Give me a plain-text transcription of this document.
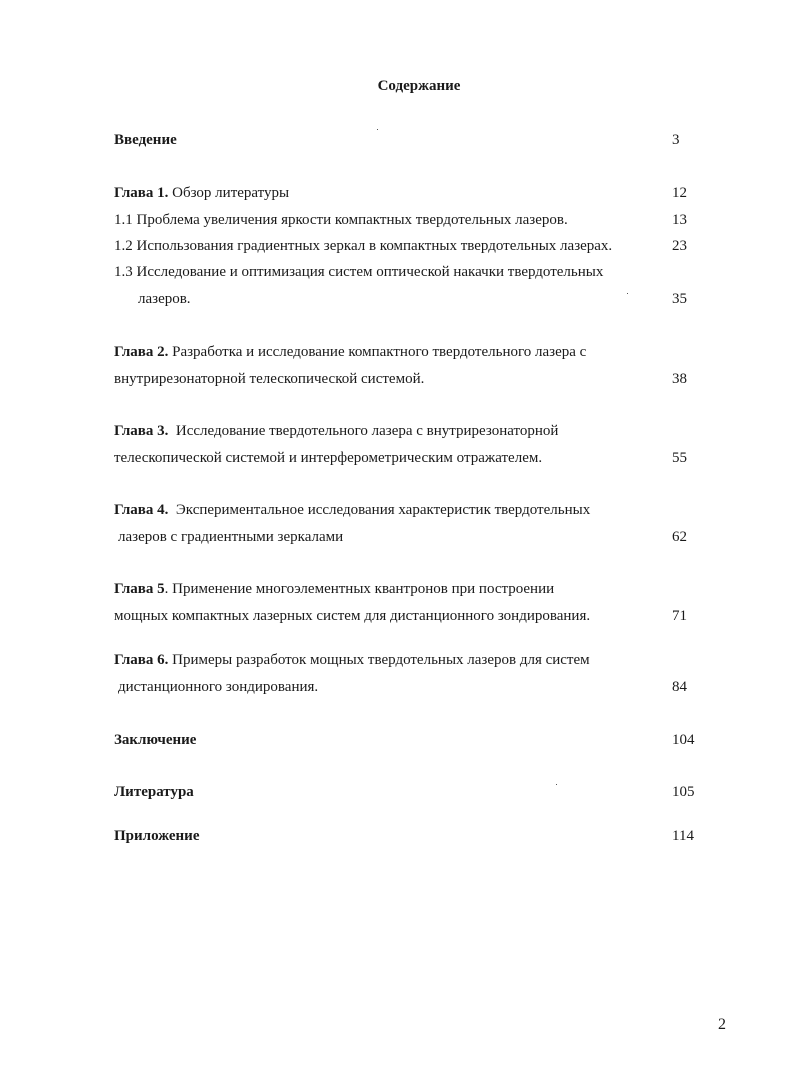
Содержание
Введение	3
Глава 1. Обзор литературы	12
1.1 Проблема увеличения яркости компактных твердотельных лазеров.	13
1.2 Использования градиентных зеркал в компактных твердотельных лазерах.	23
1.3 Исследование и оптимизация систем оптической накачки твердотельных
лазеров.	35
Глава 2. Разработка и исследование компактного твердотельного лазера с
внутрирезонаторной телескопической системой.	38
Глава 3.  Исследование твердотельного лазера с внутрирезонаторной
телескопической системой и интерферометрическим отражателем.	55
Глава 4.  Экспериментальное исследования характеристик твердотельных
лазеров с градиентными зеркалами	62
Глава 5. Применение многоэлементных квантронов при построении
мощных компактных лазерных систем для дистанционного зондирования.	71
Глава 6. Примеры разработок мощных твердотельных лазеров для систем
дистанционного зондирования.	84
Заключение	104
Литература	105
Приложение	114
2
